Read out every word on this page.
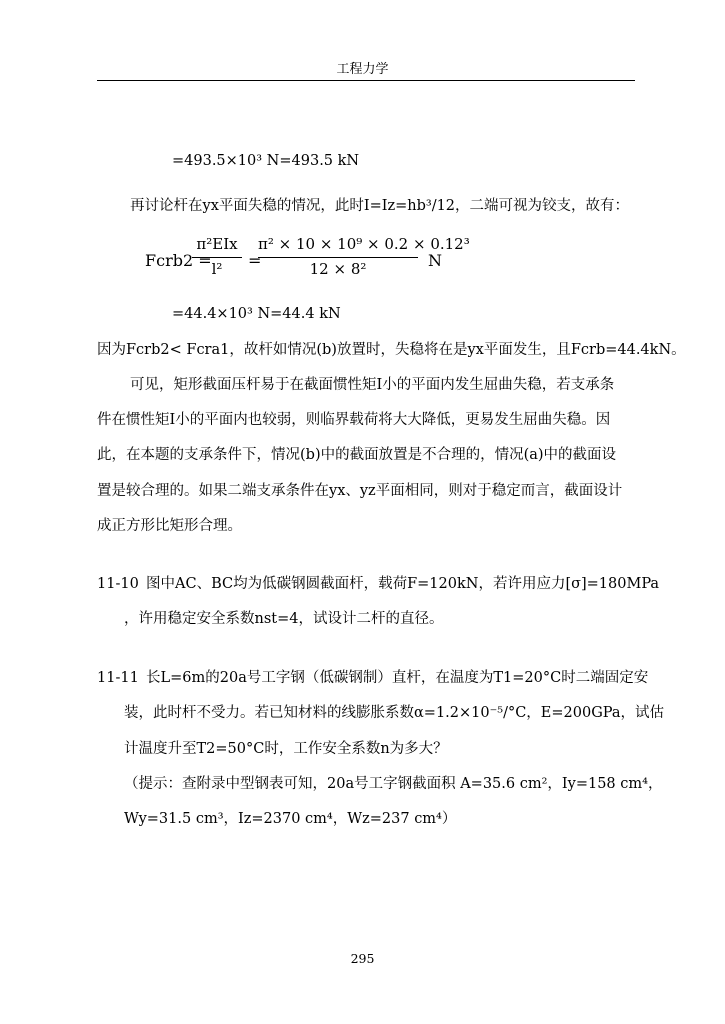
工程力学
=493.5×10³ N=493.5 kN
再讨论杆在yx平面失稳的情况，此时I=Iz=hb³/12，二端可视为铰支，故有：
Fcrb2 =
π²EIx
l²	=
π² × 10 × 10⁹ × 0.2 × 0.12³
12 × 8²	N
=44.4×10³ N=44.4 kN
因为Fcrb2< Fcra1，故杆如情况(b)放置时，失稳将在是yx平面发生，且Fcrb=44.4kN。
可见，矩形截面压杆易于在截面惯性矩I小的平面内发生屈曲失稳，若支承条
件在惯性矩I小的平面内也较弱，则临界载荷将大大降低，更易发生屈曲失稳。因
此，在本题的支承条件下，情况(b)中的截面放置是不合理的，情况(a)中的截面设
置是较合理的。如果二端支承条件在yx、yz平面相同，则对于稳定而言，截面设计
成正方形比矩形合理。
11-10 图中AC、BC均为低碳钢圆截面杆，载荷F=120kN，若许用应力[σ]=180MPa
，许用稳定安全系数nst=4，试设计二杆的直径。
11-11 长L=6m的20a号工字钢（低碳钢制）直杆，在温度为T1=20°C时二端固定安
装，此时杆不受力。若已知材料的线膨胀系数α=1.2×10⁻⁵/°C，E=200GPa，试估
计温度升至T2=50°C时，工作安全系数n为多大？
（提示：查附录中型钢表可知，20a号工字钢截面积 A=35.6 cm²，Iy=158 cm⁴，
Wy=31.5 cm³，Iz=2370 cm⁴，Wz=237 cm⁴）
295
